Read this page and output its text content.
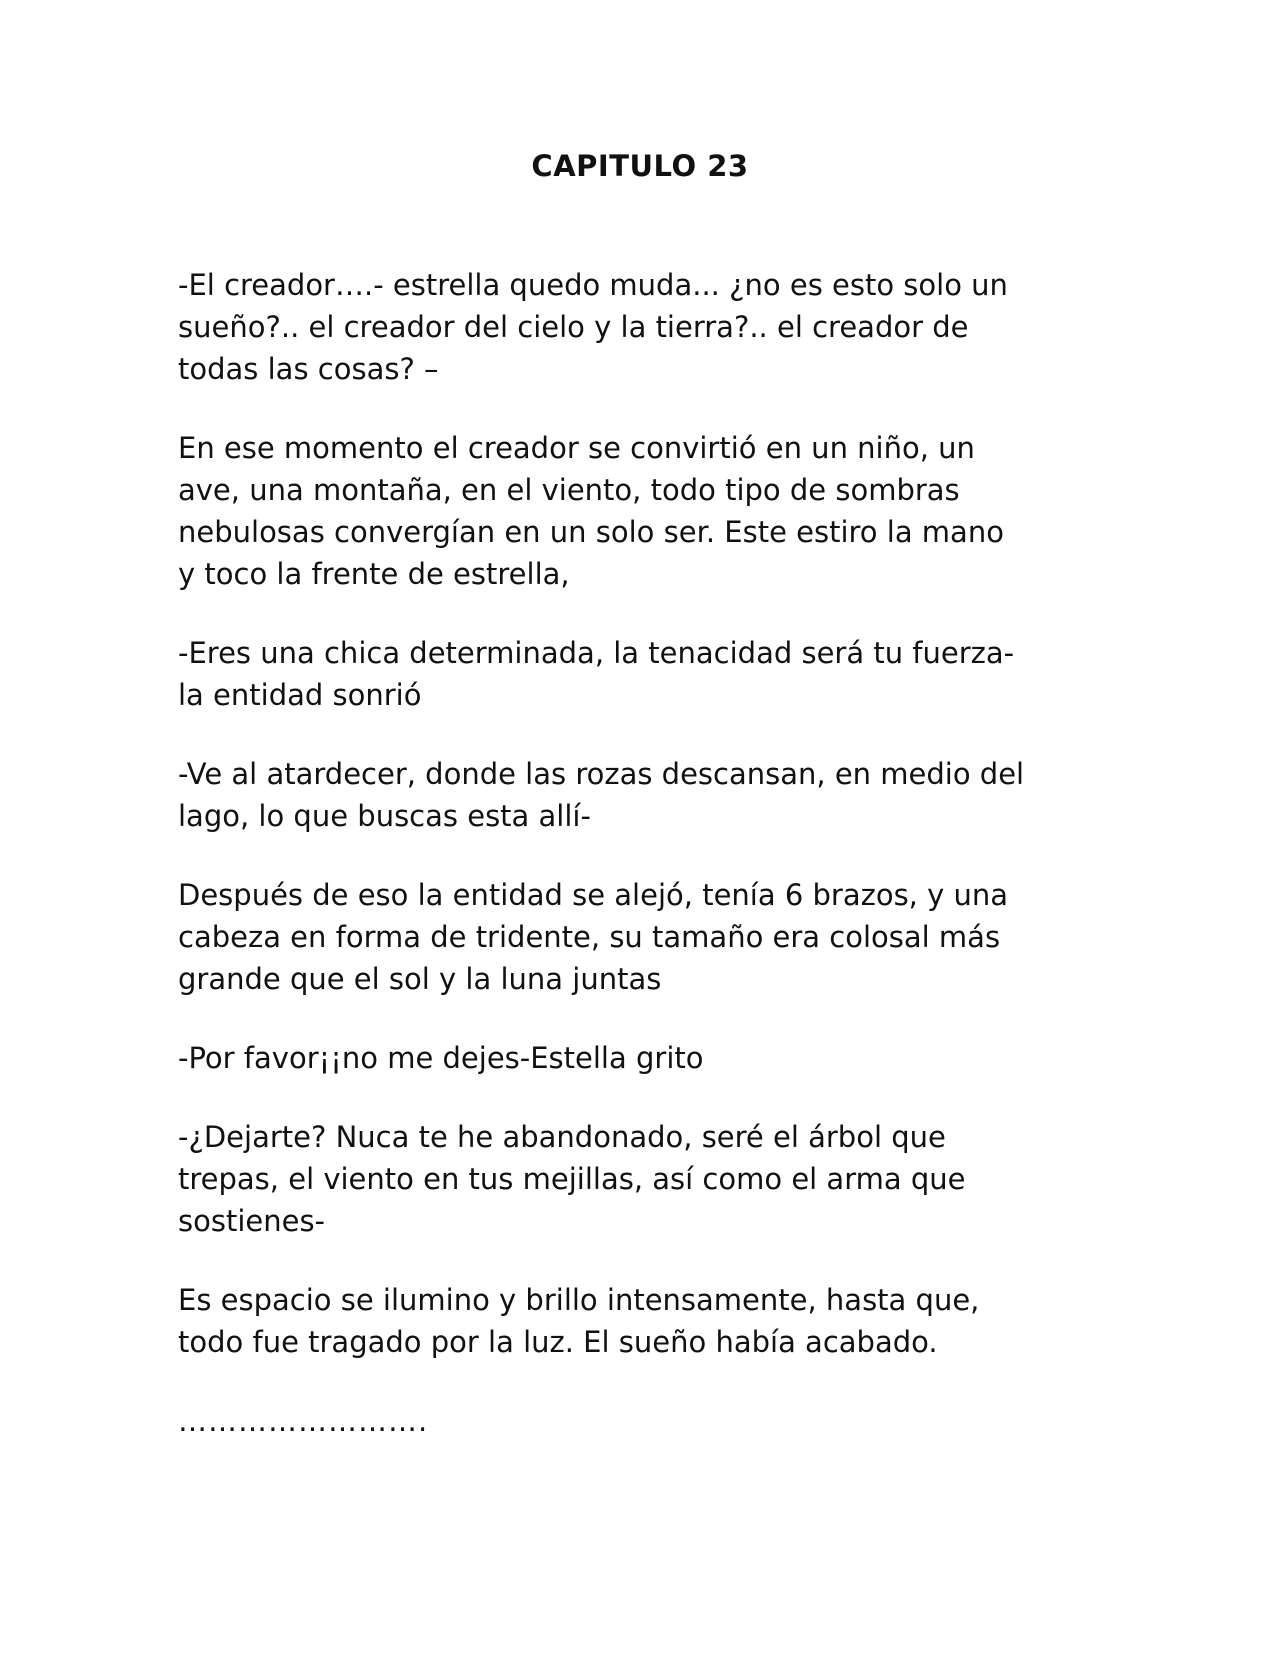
CAPITULO 23

-El creador….- estrella quedo muda... ¿no es esto solo un
sueño?.. el creador del cielo y la tierra?.. el creador de
todas las cosas? –

En ese momento el creador se convirtió en un niño, un
ave, una montaña, en el viento, todo tipo de sombras
nebulosas convergían en un solo ser. Este estiro la mano
y toco la frente de estrella,

-Eres una chica determinada, la tenacidad será tu fuerza-
la entidad sonrió

-Ve al atardecer, donde las rozas descansan, en medio del
lago, lo que buscas esta allí-

Después de eso la entidad se alejó, tenía 6 brazos, y una
cabeza en forma de tridente, su tamaño era colosal más
grande que el sol y la luna juntas

-Por favor¡¡no me dejes-Estella grito

-¿Dejarte? Nuca te he abandonado, seré el árbol que
trepas, el viento en tus mejillas, así como el arma que
sostienes-

Es espacio se ilumino y brillo intensamente, hasta que,
todo fue tragado por la luz. El sueño había acabado.

…………………….
